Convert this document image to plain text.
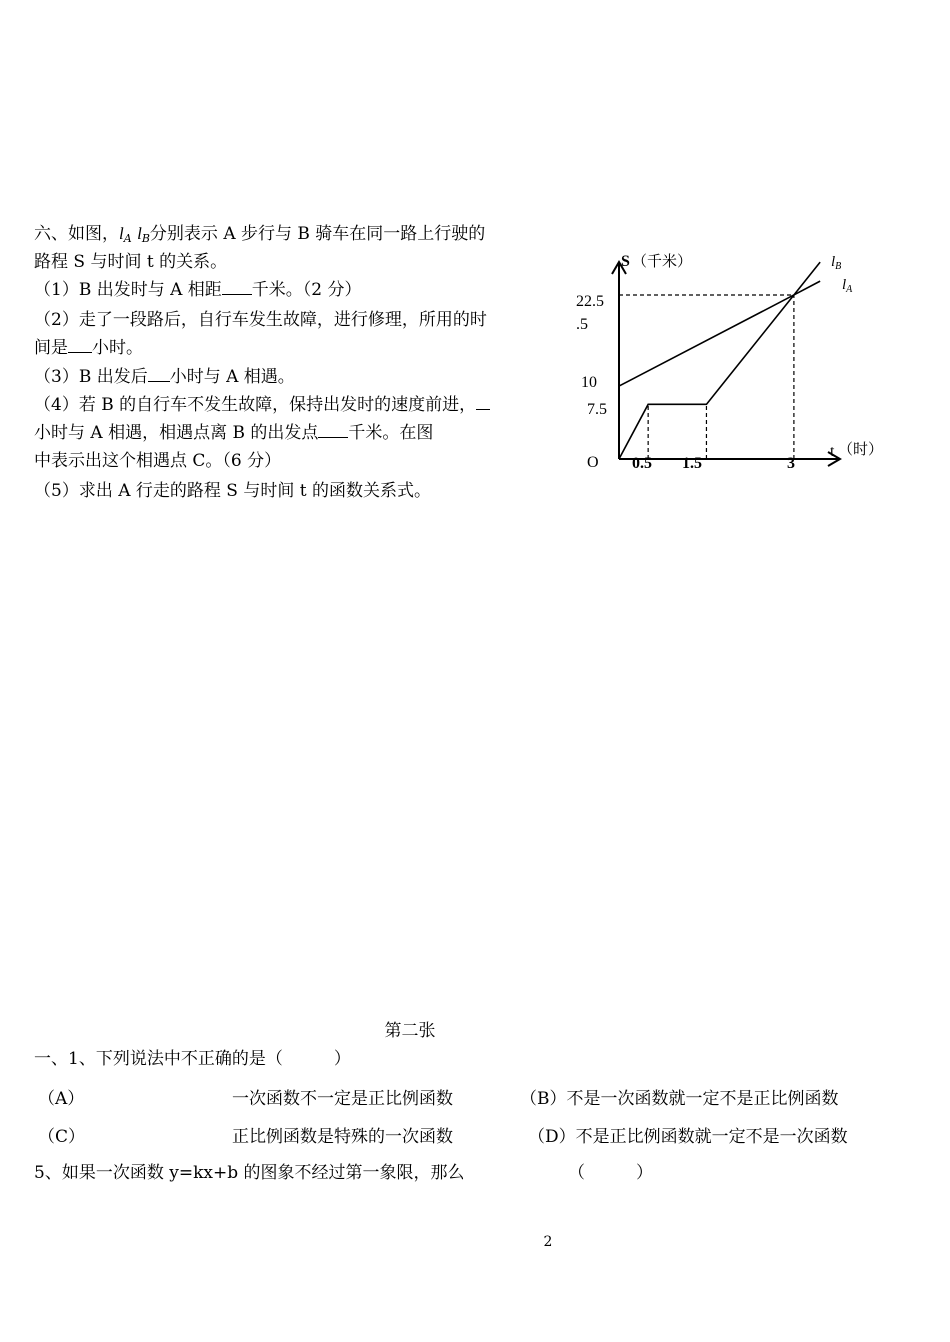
六、如图，$l_A$ $l_B$分别表示 A 步行与 B 骑车在同一路上行驶的
路程 S 与时间 t 的关系。
（1）B 出发时与 A 相距 千米。（2 分）
（2）走了一段路后，自行车发生故障，进行修理，所用的时
间是 小时。
（3）B 出发后 小时与 A 相遇。
（4）若 B 的自行车不发生故障，保持出发时的速度前进，
小时与 A 相遇，相遇点离 B 的出发点 千米。在图
中表示出这个相遇点 C。（6 分）
（5）求出 A 行走的路程 S 与时间 t 的函数关系式。
S （千米）
t （时）
O
7.5
10
22.5
.5
0.5 1.5	3
$l_B$
$l_A$
第二张
一、1、下列说法中不正确的是（　　　）
（A）	一次函数不一定是正比例函数	（B）不是一次函数就一定不是正比例函数
（C）	正比例函数是特殊的一次函数	（D）不是正比例函数就一定不是一次函数
5、如果一次函数 y=kx+b 的图象不经过第一象限，那么	（　　　）
2
